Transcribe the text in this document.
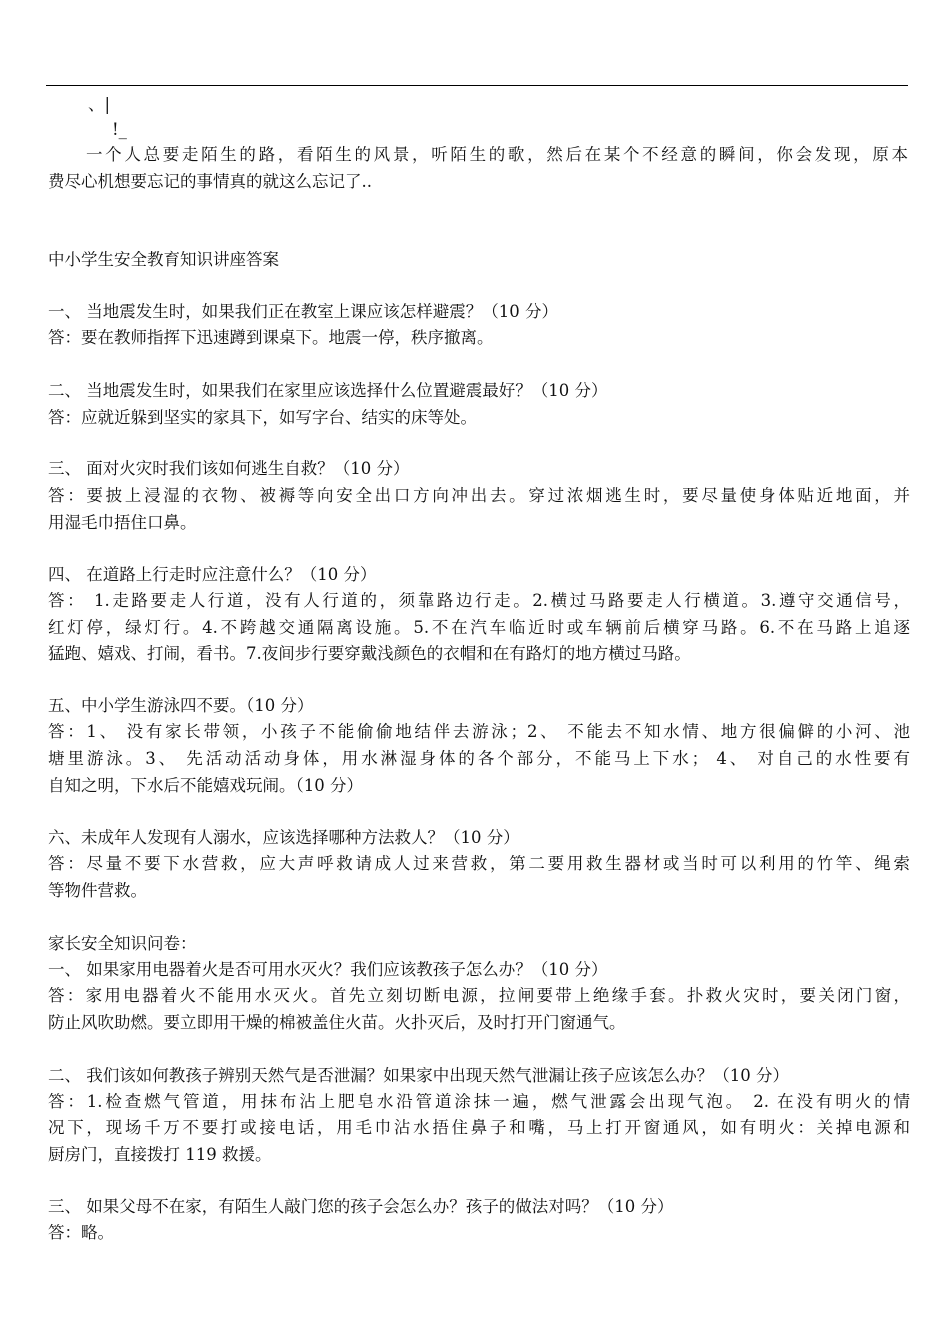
、|
!_
一个人总要走陌生的路，看陌生的风景，听陌生的歌，然后在某个不经意的瞬间，你会发现，原本
费尽心机想要忘记的事情真的就这么忘记了..
中小学生安全教育知识讲座答案
一、 当地震发生时，如果我们正在教室上课应该怎样避震？（10 分）
答：要在教师指挥下迅速蹲到课桌下。地震一停，秩序撤离。
二、 当地震发生时，如果我们在家里应该选择什么位置避震最好？（10 分）
答：应就近躲到坚实的家具下，如写字台、结实的床等处。
三、 面对火灾时我们该如何逃生自救？（10 分）
答：要披上浸湿的衣物、被褥等向安全出口方向冲出去。穿过浓烟逃生时，要尽量使身体贴近地面，并
用湿毛巾捂住口鼻。
四、 在道路上行走时应注意什么？（10 分）
答： 1.走路要走人行道，没有人行道的，须靠路边行走。2.横过马路要走人行横道。3.遵守交通信号，
红灯停，绿灯行。4.不跨越交通隔离设施。5.不在汽车临近时或车辆前后横穿马路。6.不在马路上追逐
猛跑、嬉戏、打闹，看书。7.夜间步行要穿戴浅颜色的衣帽和在有路灯的地方横过马路。
五、中小学生游泳四不要。（10 分）
答：1、 没有家长带领，小孩子不能偷偷地结伴去游泳；2、 不能去不知水情、地方很偏僻的小河、池
塘里游泳。3、 先活动活动身体，用水淋湿身体的各个部分，不能马上下水； 4、 对自己的水性要有
自知之明，下水后不能嬉戏玩闹。（10 分）
六、未成年人发现有人溺水，应该选择哪种方法救人？（10 分）
答：尽量不要下水营救，应大声呼救请成人过来营救，第二要用救生器材或当时可以利用的竹竿、绳索
等物件营救。
家长安全知识问卷：
一、 如果家用电器着火是否可用水灭火？我们应该教孩子怎么办？（10 分）
答：家用电器着火不能用水灭火。首先立刻切断电源，拉闸要带上绝缘手套。扑救火灾时，要关闭门窗，
防止风吹助燃。要立即用干燥的棉被盖住火苗。火扑灭后，及时打开门窗通气。
二、 我们该如何教孩子辨别天然气是否泄漏？如果家中出现天然气泄漏让孩子应该怎么办？（10 分）
答：1.检查燃气管道，用抹布沾上肥皂水沿管道涂抹一遍，燃气泄露会出现气泡。 2. 在没有明火的情
况下，现场千万不要打或接电话，用毛巾沾水捂住鼻子和嘴，马上打开窗通风，如有明火：关掉电源和
厨房门，直接拨打 119 救援。
三、 如果父母不在家，有陌生人敲门您的孩子会怎么办？孩子的做法对吗？（10 分）
答：略。
